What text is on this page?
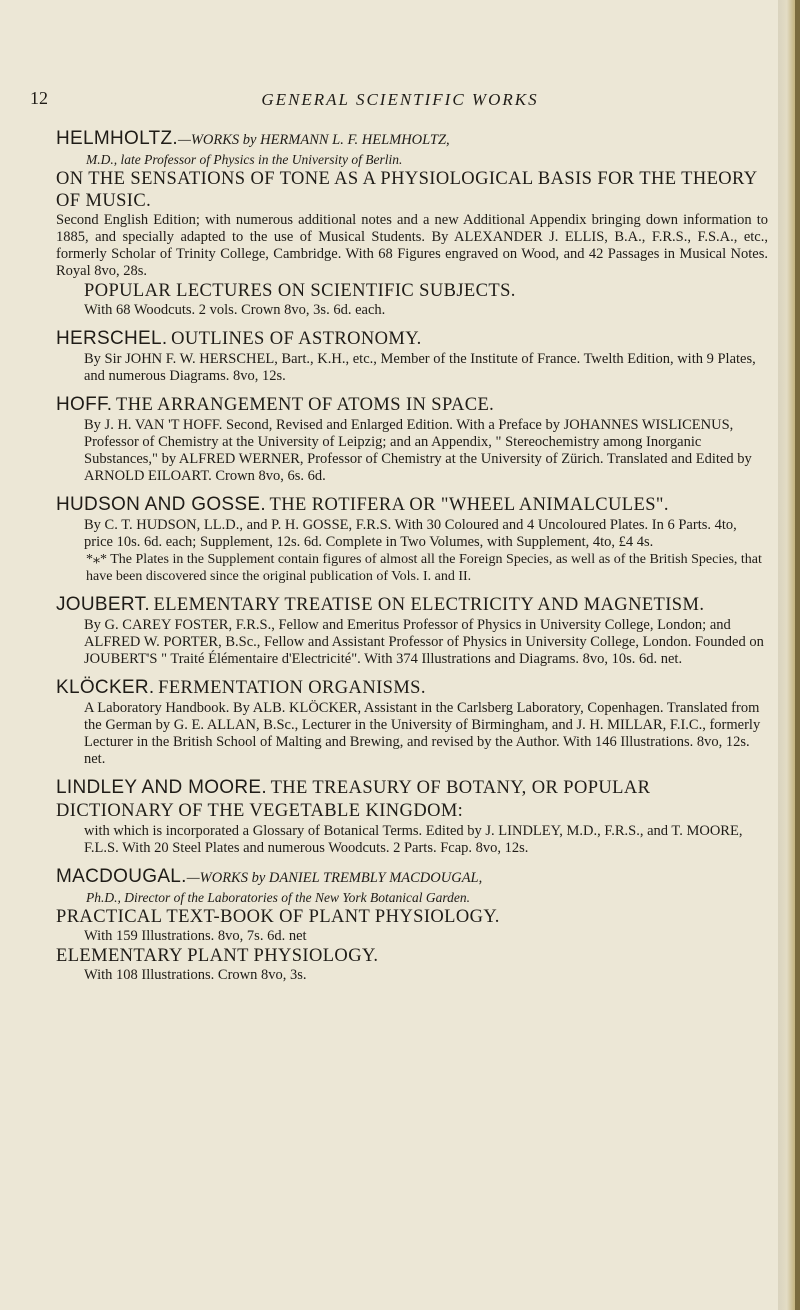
12	GENERAL SCIENTIFIC WORKS
HELMHOLTZ.—WORKS by HERMANN L. F. HELMHOLTZ,
M.D., late Professor of Physics in the University of Berlin.
ON THE SENSATIONS OF TONE AS A PHYSIOLOGICAL BASIS FOR THE THEORY OF MUSIC.
Second English Edition; with numerous additional notes and a new Additional Appendix bringing down information to 1885, and specially adapted to the use of Musical Students. By ALEXANDER J. ELLIS, B.A., F.R.S., F.S.A., etc., formerly Scholar of Trinity College, Cambridge. With 68 Figures engraved on Wood, and 42 Passages in Musical Notes. Royal 8vo, 28s.
POPULAR LECTURES ON SCIENTIFIC SUBJECTS.
With 68 Woodcuts. 2 vols. Crown 8vo, 3s. 6d. each.
HERSCHEL. OUTLINES OF ASTRONOMY.
By Sir JOHN F. W. HERSCHEL, Bart., K.H., etc., Member of the Institute of France. Twelth Edition, with 9 Plates, and numerous Diagrams. 8vo, 12s.
HOFF. THE ARRANGEMENT OF ATOMS IN SPACE.
By J. H. VAN 'T HOFF. Second, Revised and Enlarged Edition. With a Preface by JOHANNES WISLICENUS, Professor of Chemistry at the University of Leipzig; and an Appendix, " Stereochemistry among Inorganic Substances," by ALFRED WERNER, Professor of Chemistry at the University of Zürich. Translated and Edited by ARNOLD EILOART. Crown 8vo, 6s. 6d.
HUDSON AND GOSSE. THE ROTIFERA OR "WHEEL ANIMALCULES".
By C. T. HUDSON, LL.D., and P. H. GOSSE, F.R.S. With 30 Coloured and 4 Uncoloured Plates. In 6 Parts. 4to, price 10s. 6d. each; Supplement, 12s. 6d. Complete in Two Volumes, with Supplement, 4to, £4 4s.
*⁎* The Plates in the Supplement contain figures of almost all the Foreign Species, as well as of the British Species, that have been discovered since the original publication of Vols. I. and II.
JOUBERT. ELEMENTARY TREATISE ON ELECTRICITY AND MAGNETISM.
By G. CAREY FOSTER, F.R.S., Fellow and Emeritus Professor of Physics in University College, London; and ALFRED W. PORTER, B.Sc., Fellow and Assistant Professor of Physics in University College, London. Founded on JOUBERT'S " Traité Élémentaire d'Electricité". With 374 Illustrations and Diagrams. 8vo, 10s. 6d. net.
KLÖCKER. FERMENTATION ORGANISMS.
A Laboratory Handbook. By ALB. KLÖCKER, Assistant in the Carlsberg Laboratory, Copenhagen. Translated from the German by G. E. ALLAN, B.Sc., Lecturer in the University of Birmingham, and J. H. MILLAR, F.I.C., formerly Lecturer in the British School of Malting and Brewing, and revised by the Author. With 146 Illustrations. 8vo, 12s. net.
LINDLEY AND MOORE. THE TREASURY OF BOTANY, OR POPULAR DICTIONARY OF THE VEGETABLE KINGDOM:
with which is incorporated a Glossary of Botanical Terms. Edited by J. LINDLEY, M.D., F.R.S., and T. MOORE, F.L.S. With 20 Steel Plates and numerous Woodcuts. 2 Parts. Fcap. 8vo, 12s.
MACDOUGAL.—WORKS by DANIEL TREMBLY MACDOUGAL,
Ph.D., Director of the Laboratories of the New York Botanical Garden.
PRACTICAL TEXT-BOOK OF PLANT PHYSIOLOGY.
With 159 Illustrations. 8vo, 7s. 6d. net
ELEMENTARY PLANT PHYSIOLOGY.
With 108 Illustrations. Crown 8vo, 3s.
